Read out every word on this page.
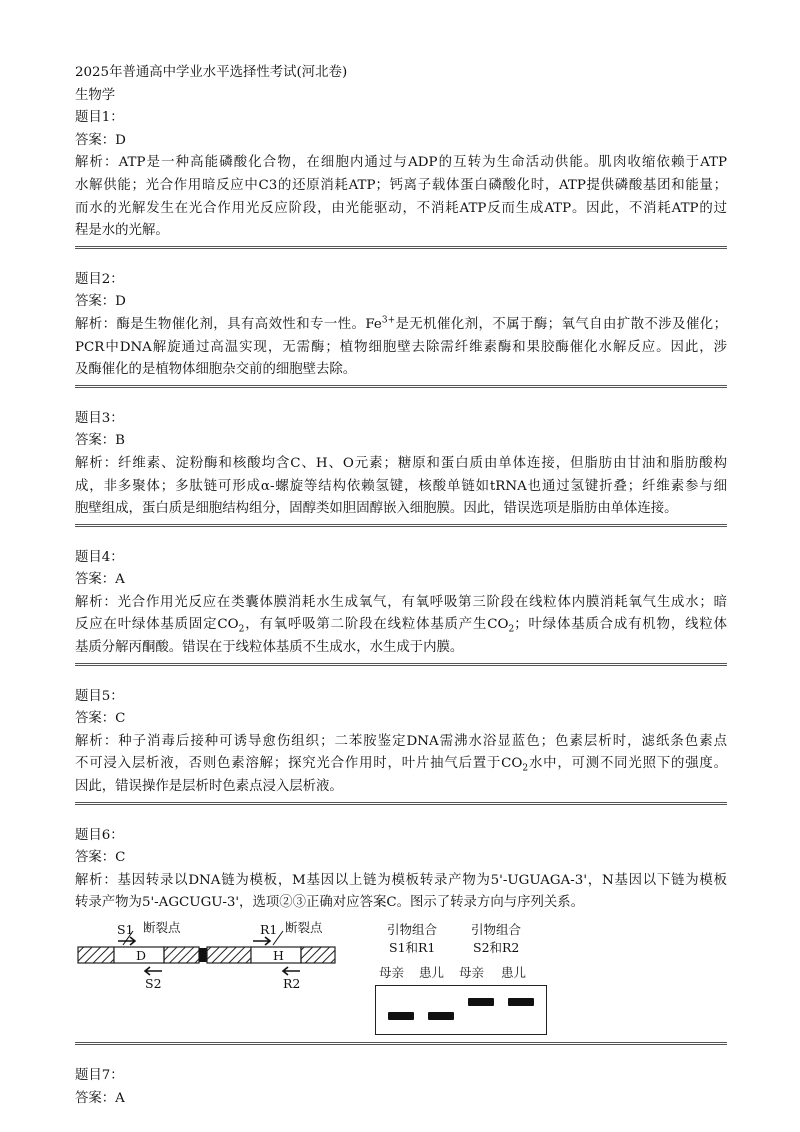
2025年普通高中学业水平选择性考试(河北卷)
生物学
题目1：
答案：D
解析：ATP是一种高能磷酸化合物，在细胞内通过与ADP的互转为生命活动供能。肌肉收缩依赖于ATP
水解供能；光合作用暗反应中C3的还原消耗ATP；钙离子载体蛋白磷酸化时，ATP提供磷酸基团和能量；
而水的光解发生在光合作用光反应阶段，由光能驱动，不消耗ATP反而生成ATP。因此，不消耗ATP的过
程是水的光解。
题目2：
答案：D
解析：酶是生物催化剂，具有高效性和专一性。$Fe^{3+}$是无机催化剂，不属于酶；氧气自由扩散不涉及催化；
PCR中DNA解旋通过高温实现，无需酶；植物细胞壁去除需纤维素酶和果胶酶催化水解反应。因此，涉
及酶催化的是植物体细胞杂交前的细胞壁去除。
题目3：
答案：B
解析：纤维素、淀粉酶和核酸均含C、H、O元素；糖原和蛋白质由单体连接，但脂肪由甘油和脂肪酸构
成，非多聚体；多肽链可形成α-螺旋等结构依赖氢键，核酸单链如tRNA也通过氢键折叠；纤维素参与细
胞壁组成，蛋白质是细胞结构组分，固醇类如胆固醇嵌入细胞膜。因此，错误选项是脂肪由单体连接。
题目4：
答案：A
解析：光合作用光反应在类囊体膜消耗水生成氧气，有氧呼吸第三阶段在线粒体内膜消耗氧气生成水；暗
反应在叶绿体基质固定$CO_2$，有氧呼吸第二阶段在线粒体基质产生$CO_2$；叶绿体基质合成有机物，线粒体
基质分解丙酮酸。错误在于线粒体基质不生成水，水生成于内膜。
题目5：
答案：C
解析：种子消毒后接种可诱导愈伤组织；二苯胺鉴定DNA需沸水浴显蓝色；色素层析时，滤纸条色素点
不可浸入层析液，否则色素溶解；探究光合作用时，叶片抽气后置于$CO_2$水中，可测不同光照下的强度。
因此，错误操作是层析时色素点浸入层析液。
题目6：
答案：C
解析：基因转录以DNA链为模板，M基因以上链为模板转录产物为5'-UGUAGA-3'，N基因以下链为模板
转录产物为5'-AGCUGU-3'，选项②③正确对应答案C。图示了转录方向与序列关系。
S1 断裂点
D
S2
R1 断裂点
H
R2
引物组合
S1和R1
引物组合
S2和R2
母亲 患儿 母亲 患儿
题目7：
答案：A
